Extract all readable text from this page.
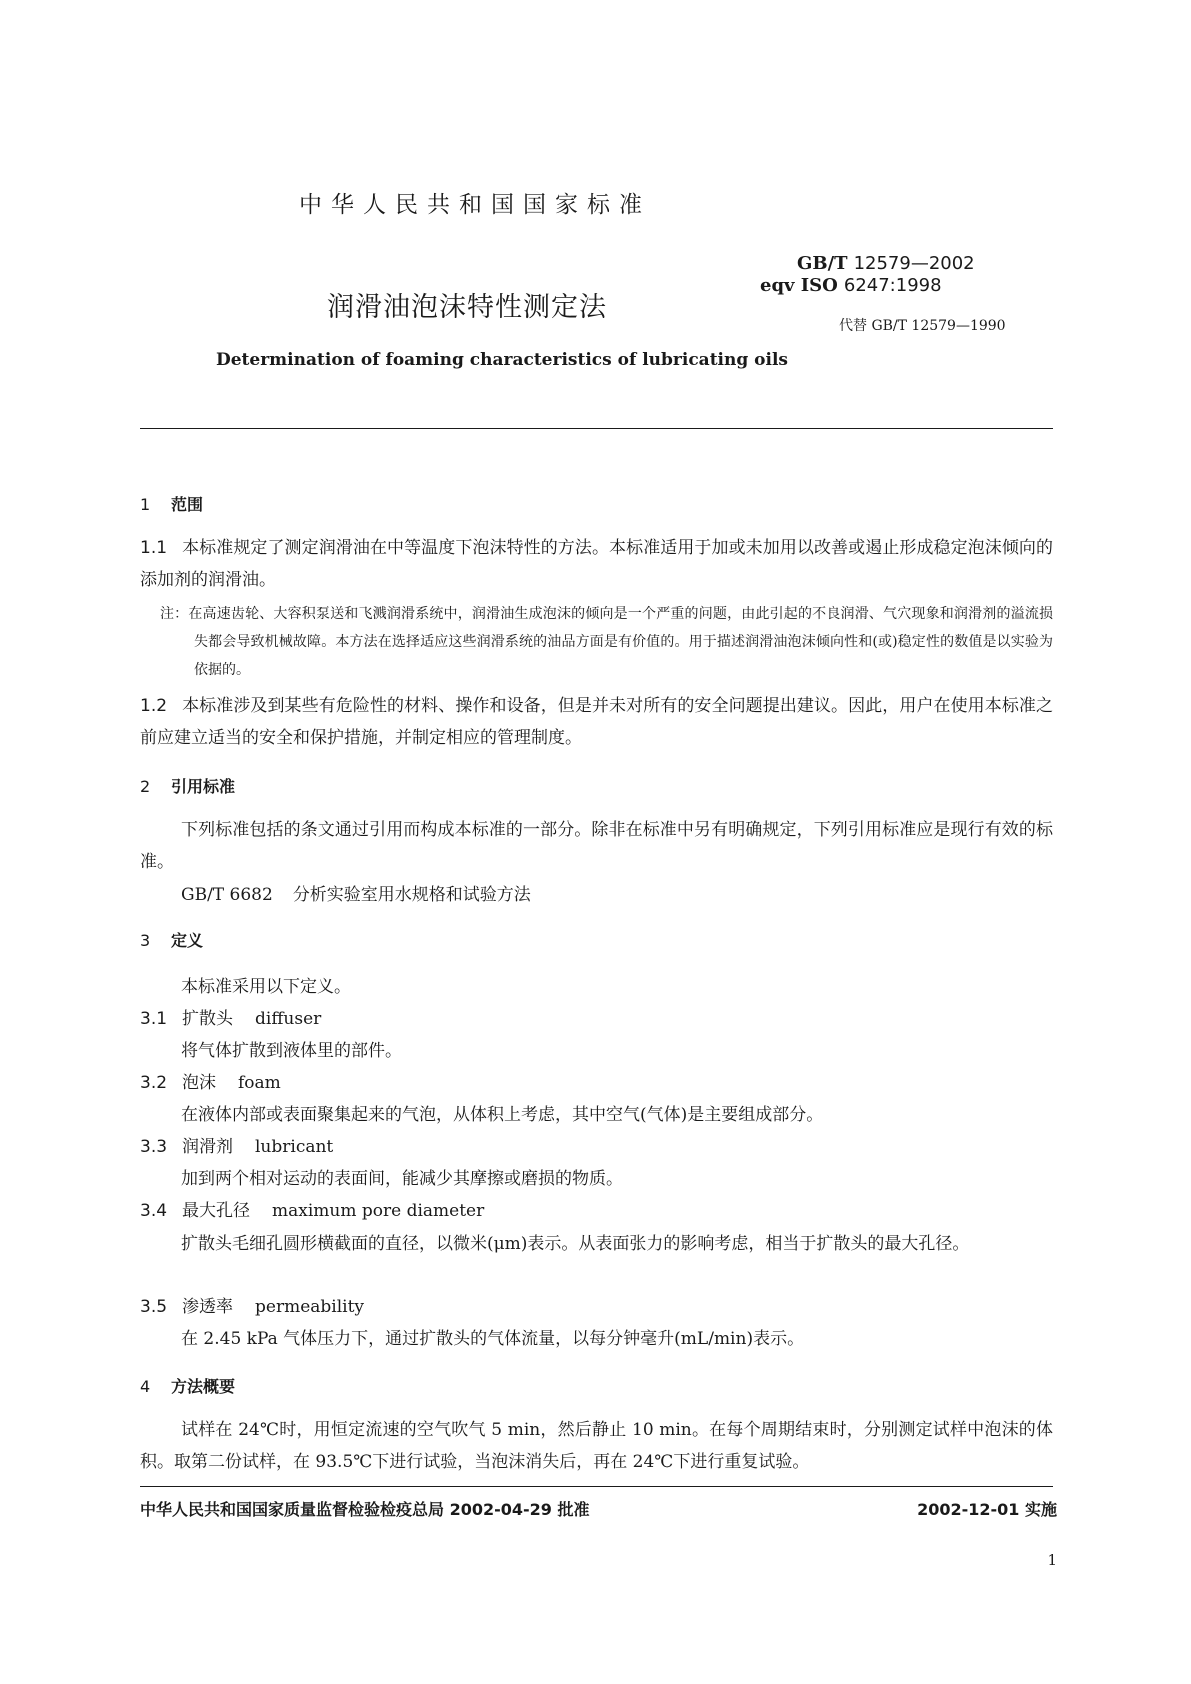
中华人民共和国国家标准
GB/T 12579—2002
eqv ISO 6247:1998
代替 GB/T 12579—1990
润滑油泡沫特性测定法
Determination of foaming characteristics of lubricating oils
1 范围
1.1 本标准规定了测定润滑油在中等温度下泡沫特性的方法。本标准适用于加或未加用以改善或遏止形成稳定泡沫倾向的添加剂的润滑油。
注：在高速齿轮、大容积泵送和飞溅润滑系统中，润滑油生成泡沫的倾向是一个严重的问题，由此引起的不良润滑、气穴现象和润滑剂的溢流损失都会导致机械故障。本方法在选择适应这些润滑系统的油品方面是有价值的。用于描述润滑油泡沫倾向性和(或)稳定性的数值是以实验为依据的。
1.2 本标准涉及到某些有危险性的材料、操作和设备，但是并未对所有的安全问题提出建议。因此，用户在使用本标准之前应建立适当的安全和保护措施，并制定相应的管理制度。
2 引用标准
下列标准包括的条文通过引用而构成本标准的一部分。除非在标准中另有明确规定，下列引用标准应是现行有效的标准。
GB/T 6682 分析实验室用水规格和试验方法
3 定义
本标准采用以下定义。
3.1 扩散头 diffuser
将气体扩散到液体里的部件。
3.2 泡沫 foam
在液体内部或表面聚集起来的气泡，从体积上考虑，其中空气(气体)是主要组成部分。
3.3 润滑剂 lubricant
加到两个相对运动的表面间，能减少其摩擦或磨损的物质。
3.4 最大孔径 maximum pore diameter
扩散头毛细孔圆形横截面的直径，以微米(μm)表示。从表面张力的影响考虑，相当于扩散头的最大孔径。
3.5 渗透率 permeability
在 2.45 kPa 气体压力下，通过扩散头的气体流量，以每分钟毫升(mL/min)表示。
4 方法概要
试样在 24℃时，用恒定流速的空气吹气 5 min，然后静止 10 min。在每个周期结束时，分别测定试样中泡沫的体积。取第二份试样，在 93.5℃下进行试验，当泡沫消失后，再在 24℃下进行重复试验。
中华人民共和国国家质量监督检验检疫总局 2002-04-29 批准	2002-12-01 实施
1
